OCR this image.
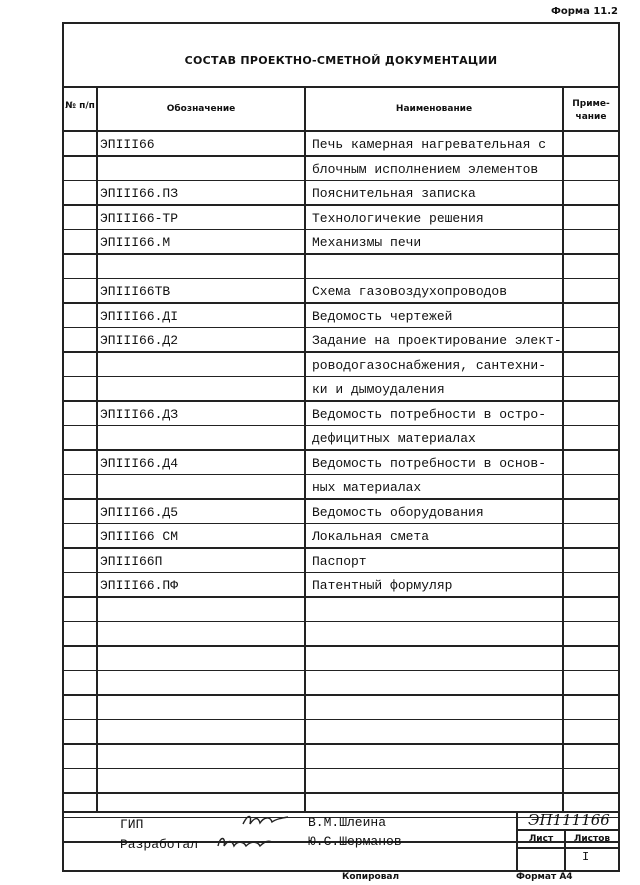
Форма 11.2
СОСТАВ ПРОЕКТНО-СМЕТНОЙ ДОКУМЕНТАЦИИ
№ п/п	Обозначение	Наименование	Приме-чание
ЭПIII66	Печь камерная нагревательная с
блочным исполнением элементов
ЭПIII66.ПЗ	Пояснительная записка
ЭПIII66-ТР	Технологичекие решения
ЭПIII66.М	Механизмы печи
ЭПIII66ТВ	Схема газовоздухопроводов
ЭПIII66.ДI	Ведомость чертежей
ЭПIII66.Д2	Задание на проектирование элект-
роводогазоснабжения, сантехни-
ки и дымоудаления
ЭПIII66.ДЗ	Ведомость потребности в остро-
дефицитных материалах
ЭПIII66.Д4	Ведомость потребности в основ-
ных материалах
ЭПIII66.Д5	Ведомость оборудования
ЭПIII66 СМ	Локальная смета
ЭПIII66П	Паспорт
ЭПIII66.ПФ	Патентный формуляр
ГИП
Разработал
В.М.Шлеина
Ю.С.Шерманов
ЭП111166
Лист	Листов
I
Копировал	Формат А4
